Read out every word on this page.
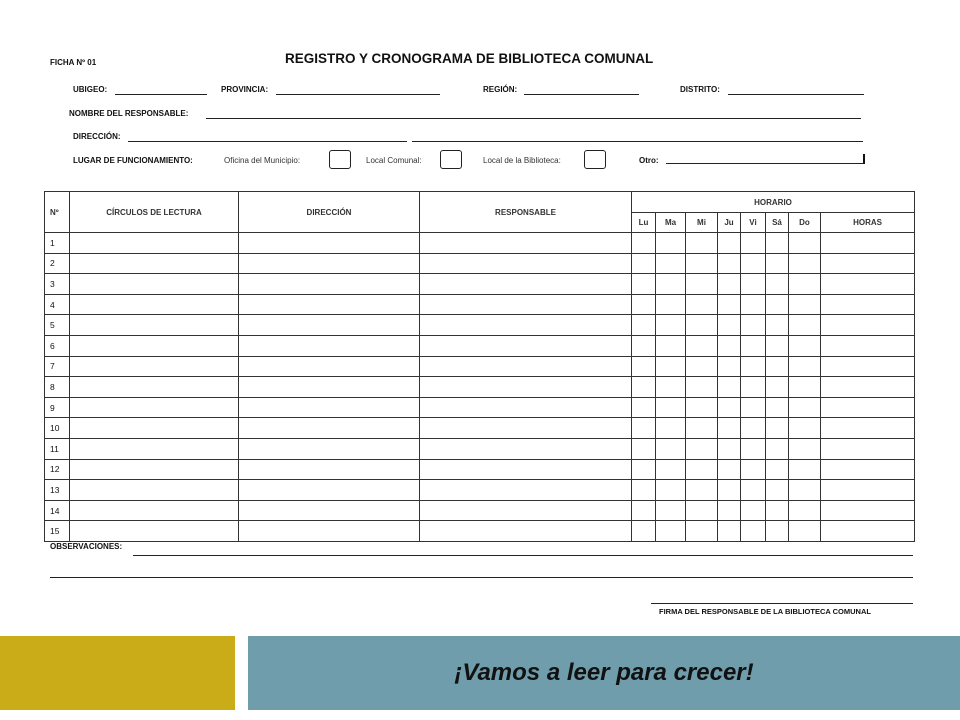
FICHA Nº 01	REGISTRO Y CRONOGRAMA DE BIBLIOTECA COMUNAL
UBIGEO:	PROVINCIA:	REGIÓN:	DISTRITO:
NOMBRE DEL RESPONSABLE:
DIRECCIÓN:
LUGAR DE FUNCIONAMIENTO:	Oficina del Municipio:	Local Comunal:	Local de la Biblioteca:	Otro:
Nº	CÍRCULOS DE LECTURA	DIRECCIÓN	RESPONSABLE	HORARIO							
				Lu	Ma	Mi	Ju	Vi	Sá	Do	HORAS
1											
2											
3											
4											
5											
6											
7											
8											
9											
10											
11											
12											
13											
14											
15											
OBSERVACIONES:
FIRMA DEL RESPONSABLE DE LA BIBLIOTECA COMUNAL
¡Vamos a leer para crecer!
